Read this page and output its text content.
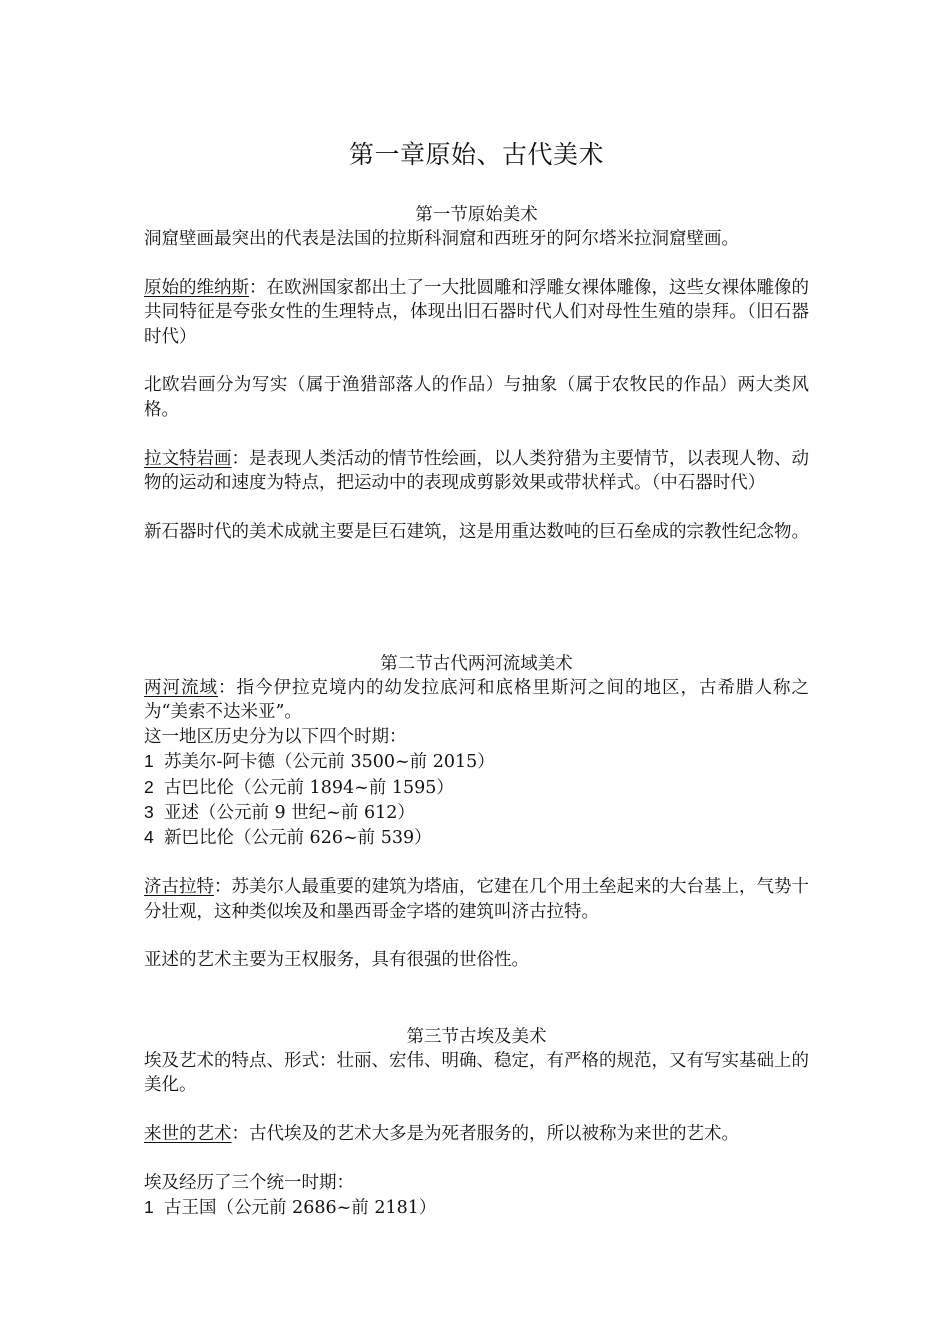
第一章原始、古代美术
第一节原始美术

洞窟壁画最突出的代表是法国的拉斯科洞窟和西班牙的阿尔塔米拉洞窟壁画。

原始的维纳斯：在欧洲国家都出土了一大批圆雕和浮雕女裸体雕像，这些女裸体雕像的共同特征是夸张女性的生理特点，体现出旧石器时代人们对母性生殖的崇拜。（旧石器时代）

北欧岩画分为写实（属于渔猎部落人的作品）与抽象（属于农牧民的作品）两大类风格。

拉文特岩画：是表现人类活动的情节性绘画，以人类狩猎为主要情节，以表现人物、动物的运动和速度为特点，把运动中的表现成剪影效果或带状样式。（中石器时代）

新石器时代的美术成就主要是巨石建筑，这是用重达数吨的巨石垒成的宗教性纪念物。

第二节古代两河流域美术

两河流域：指今伊拉克境内的幼发拉底河和底格里斯河之间的地区，古希腊人称之为“美索不达米亚”。

这一地区历史分为以下四个时期：

1 苏美尔-阿卡德（公元前 3500~前 2015）

2 古巴比伦（公元前 1894~前 1595）

3 亚述（公元前 9 世纪~前 612）

4 新巴比伦（公元前 626~前 539）

济古拉特：苏美尔人最重要的建筑为塔庙，它建在几个用土垒起来的大台基上，气势十分壮观，这种类似埃及和墨西哥金字塔的建筑叫济古拉特。

亚述的艺术主要为王权服务，具有很强的世俗性。

第三节古埃及美术

埃及艺术的特点、形式：壮丽、宏伟、明确、稳定，有严格的规范，又有写实基础上的美化。

来世的艺术：古代埃及的艺术大多是为死者服务的，所以被称为来世的艺术。

埃及经历了三个统一时期：

1 古王国（公元前 2686~前 2181）
